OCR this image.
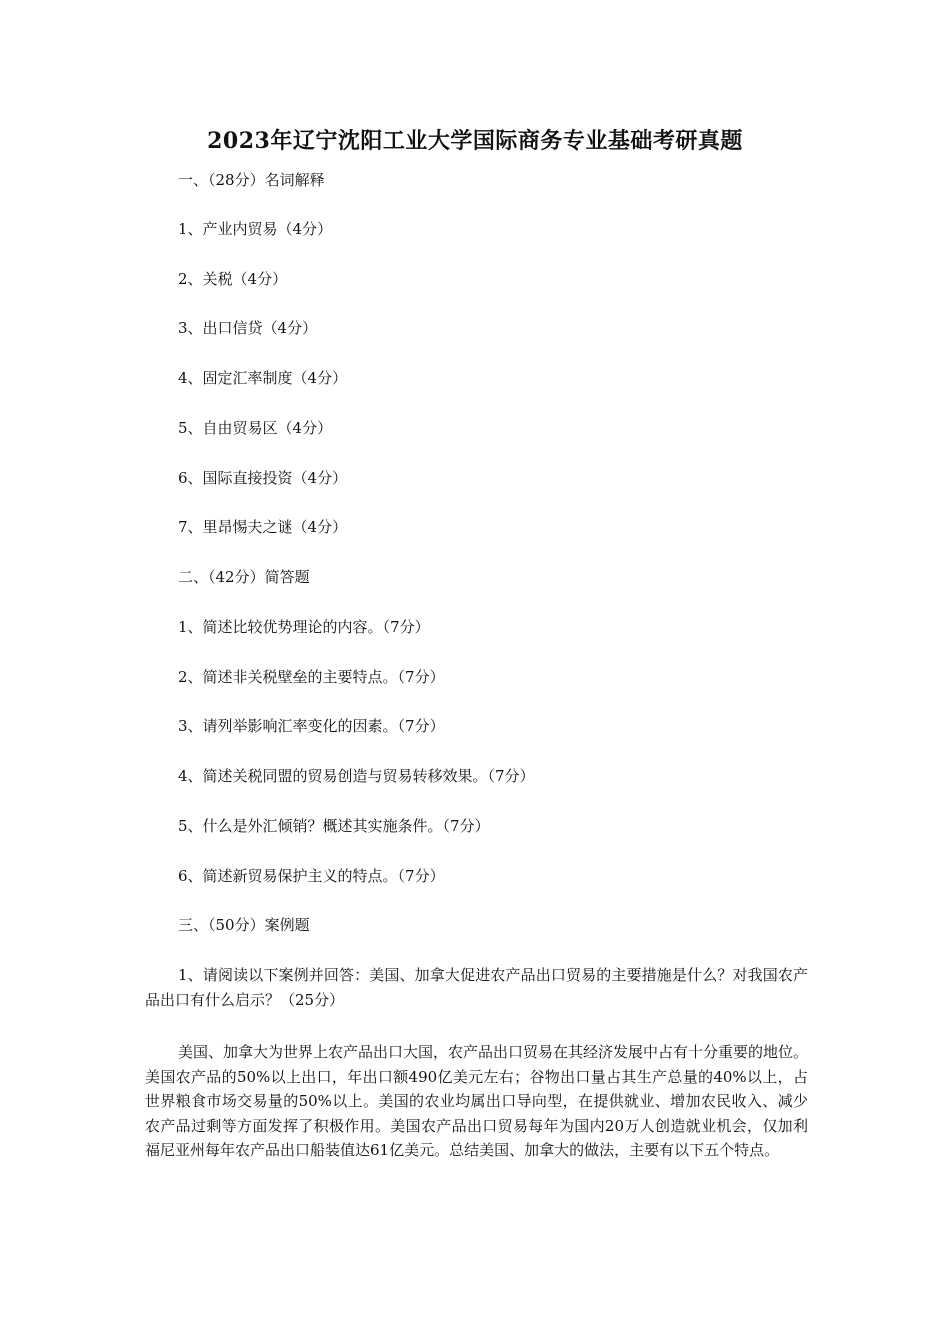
2023年辽宁沈阳工业大学国际商务专业基础考研真题

一、（28分）名词解释

1、产业内贸易（4分）

2、关税（4分）

3、出口信贷（4分）

4、固定汇率制度（4分）

5、自由贸易区（4分）

6、国际直接投资（4分）

7、里昂惕夫之谜（4分）

二、（42分）简答题

1、简述比较优势理论的内容。（7分）

2、简述非关税壁垒的主要特点。（7分）

3、请列举影响汇率变化的因素。（7分）

4、简述关税同盟的贸易创造与贸易转移效果。（7分）

5、什么是外汇倾销？概述其实施条件。（7分）

6、简述新贸易保护主义的特点。（7分）

三、（50分）案例题

1、请阅读以下案例并回答：美国、加拿大促进农产品出口贸易的主要措施是什么？对我国农产品出口有什么启示？（25分）

美国、加拿大为世界上农产品出口大国，农产品出口贸易在其经济发展中占有十分重要的地位。美国农产品的50%以上出口，年出口额490亿美元左右；谷物出口量占其生产总量的40%以上，占世界粮食市场交易量的50%以上。美国的农业均属出口导向型，在提供就业、增加农民收入、减少农产品过剩等方面发挥了积极作用。美国农产品出口贸易每年为国内20万人创造就业机会，仅加利福尼亚州每年农产品出口船装值达61亿美元。总结美国、加拿大的做法，主要有以下五个特点。
